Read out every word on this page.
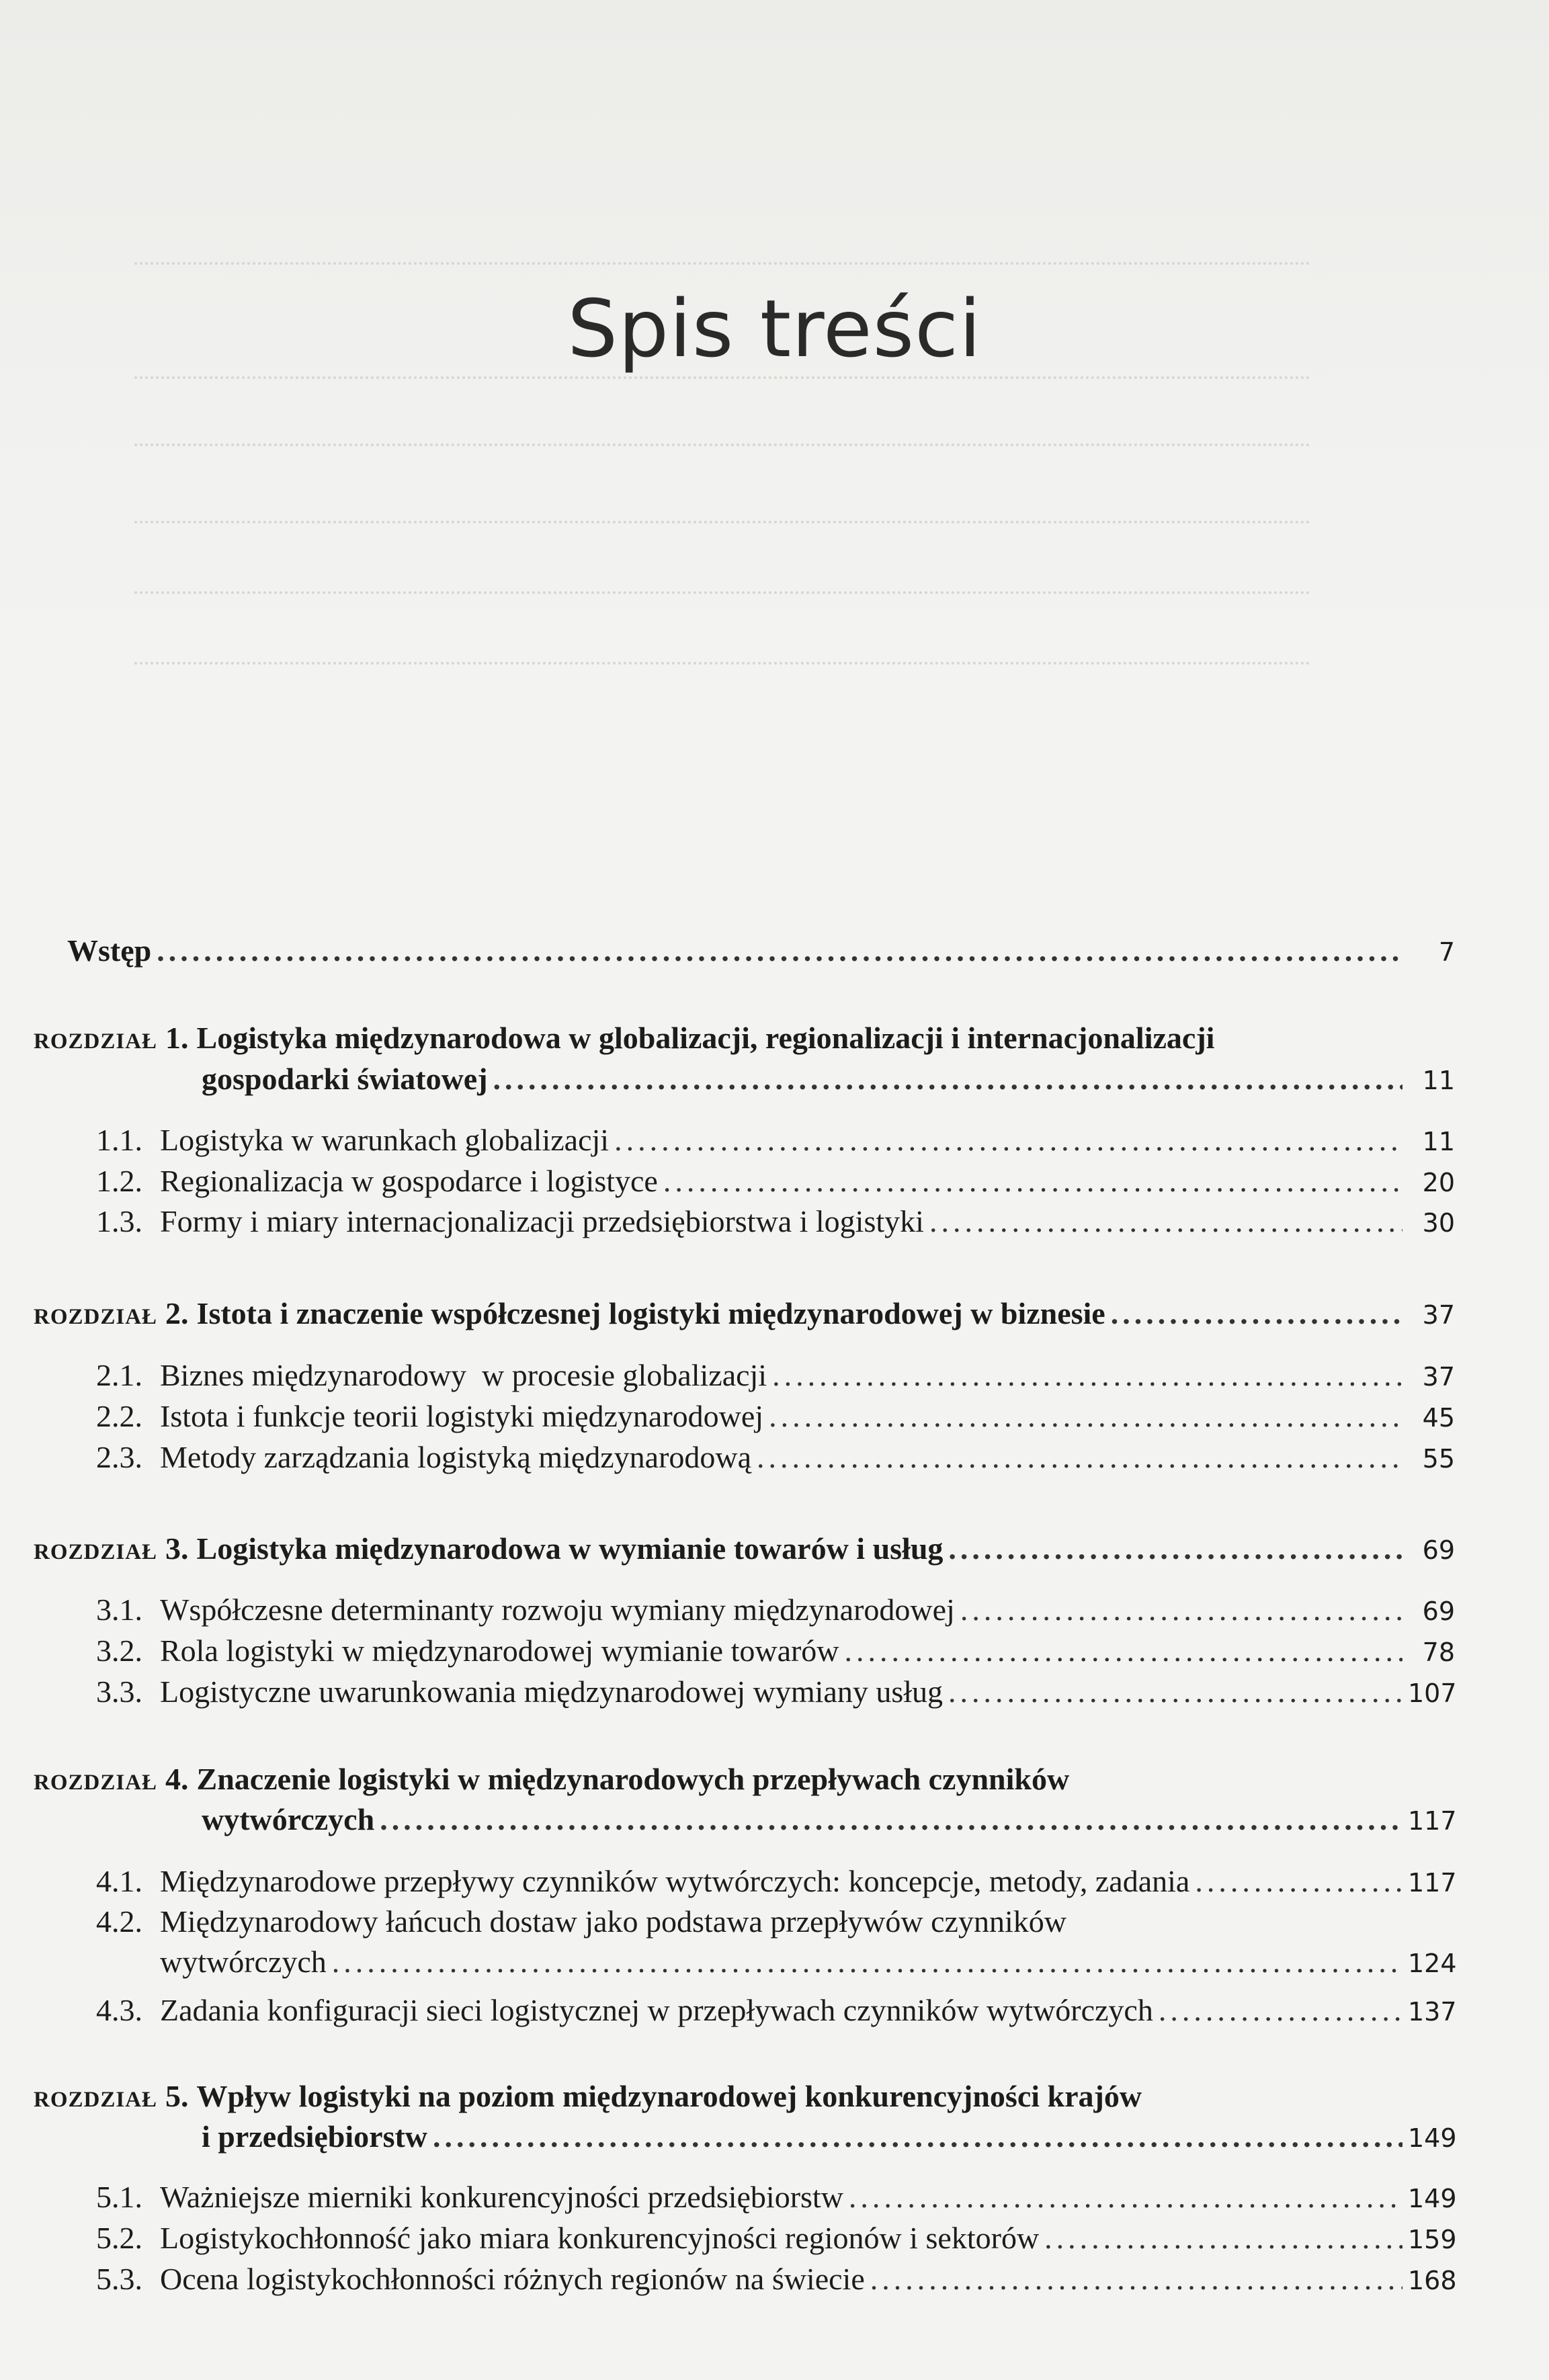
Spis treści
Wstęp .....	7
ROZDZIAŁ 1. Logistyka międzynarodowa w globalizacji, regionalizacji i internacjonalizacji
gospodarki światowej .....	11
1.1. Logistyka w warunkach globalizacji .....	11
1.2. Regionalizacja w gospodarce i logistyce .....	20
1.3. Formy i miary internacjonalizacji przedsiębiorstwa i logistyki .....	30
ROZDZIAŁ 2. Istota i znaczenie współczesnej logistyki międzynarodowej w biznesie .....	37
2.1. Biznes międzynarodowy  w procesie globalizacji .....	37
2.2. Istota i funkcje teorii logistyki międzynarodowej .....	45
2.3. Metody zarządzania logistyką międzynarodową .....	55
ROZDZIAŁ 3. Logistyka międzynarodowa w wymianie towarów i usług .....	69
3.1. Współczesne determinanty rozwoju wymiany międzynarodowej .....	69
3.2. Rola logistyki w międzynarodowej wymianie towarów .....	78
3.3. Logistyczne uwarunkowania międzynarodowej wymiany usług .....	107
ROZDZIAŁ 4. Znaczenie logistyki w międzynarodowych przepływach czynników
wytwórczych .....	117
4.1. Międzynarodowe przepływy czynników wytwórczych: koncepcje, metody, zadania .....	117
4.2. Międzynarodowy łańcuch dostaw jako podstawa przepływów czynników
wytwórczych .....	124
4.3. Zadania konfiguracji sieci logistycznej w przepływach czynników wytwórczych .....	137
ROZDZIAŁ 5. Wpływ logistyki na poziom międzynarodowej konkurencyjności krajów
i przedsiębiorstw .....	149
5.1. Ważniejsze mierniki konkurencyjności przedsiębiorstw .....	149
5.2. Logistykochłonność jako miara konkurencyjności regionów i sektorów .....	159
5.3. Ocena logistykochłonności różnych regionów na świecie .....	168
